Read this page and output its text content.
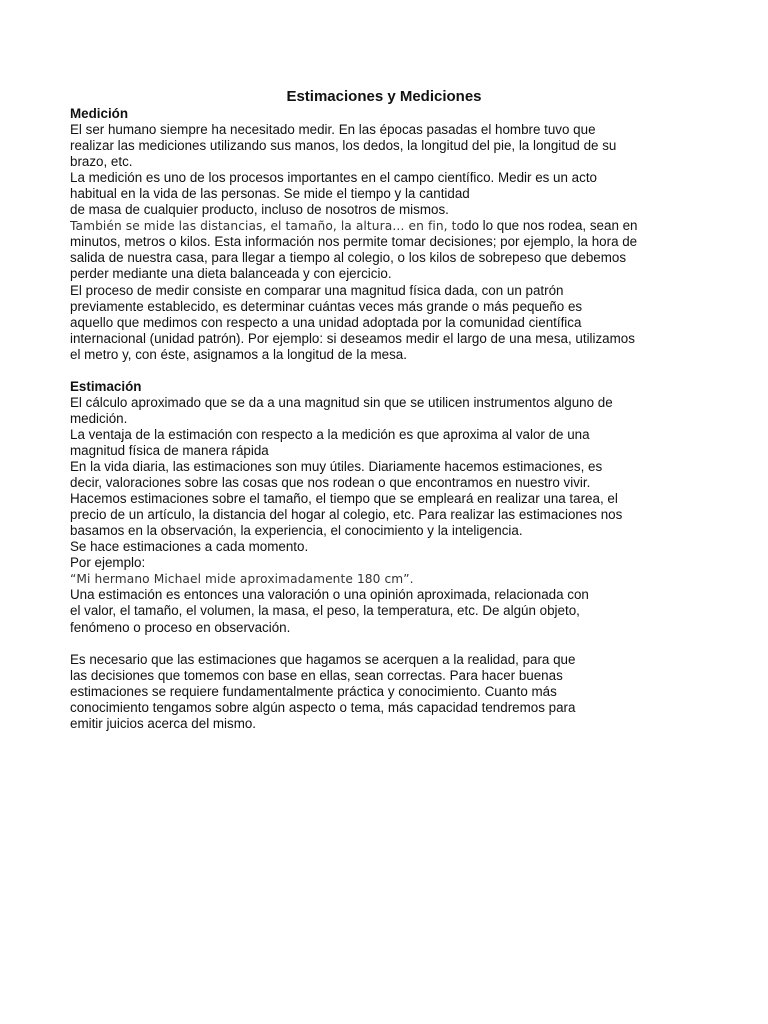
Estimaciones y Mediciones
Medición
El ser humano siempre ha necesitado medir. En las épocas pasadas el hombre tuvo que
realizar las mediciones utilizando sus manos, los dedos, la longitud del pie, la longitud de su
brazo, etc.
La medición es uno de los procesos importantes en el campo científico. Medir es un acto
habitual en la vida de las personas. Se mide el tiempo y la cantidad
de masa de cualquier producto, incluso de nosotros de mismos.
También se mide las distancias, el tamaño, la altura… en fin, todo lo que nos rodea, sean en
minutos, metros o kilos. Esta información nos permite tomar decisiones; por ejemplo, la hora de
salida de nuestra casa, para llegar a tiempo al colegio, o los kilos de sobrepeso que debemos
perder mediante una dieta balanceada y con ejercicio.
El proceso de medir consiste en comparar una magnitud física dada, con un patrón
previamente establecido, es determinar cuántas veces más grande o más pequeño es
aquello que medimos con respecto a una unidad adoptada por la comunidad científica
internacional (unidad patrón). Por ejemplo: si deseamos medir el largo de una mesa, utilizamos
el metro y, con éste, asignamos a la longitud de la mesa.
Estimación
El cálculo aproximado que se da a una magnitud sin que se utilicen instrumentos alguno de
medición.
La ventaja de la estimación con respecto a la medición es que aproxima al valor de una
magnitud física de manera rápida
En la vida diaria, las estimaciones son muy útiles. Diariamente hacemos estimaciones, es
decir, valoraciones sobre las cosas que nos rodean o que encontramos en nuestro vivir.
Hacemos estimaciones sobre el tamaño, el tiempo que se empleará en realizar una tarea, el
precio de un artículo, la distancia del hogar al colegio, etc. Para realizar las estimaciones nos
basamos en la observación, la experiencia, el conocimiento y la inteligencia.
Se hace estimaciones a cada momento.
Por ejemplo:
“Mi hermano Michael mide aproximadamente 180 cm”.
Una estimación es entonces una valoración o una opinión aproximada, relacionada con
el valor, el tamaño, el volumen, la masa, el peso, la temperatura, etc. De algún objeto,
fenómeno o proceso en observación.
Es necesario que las estimaciones que hagamos se acerquen a la realidad, para que
las decisiones que tomemos con base en ellas, sean correctas. Para hacer buenas
estimaciones se requiere fundamentalmente práctica y conocimiento. Cuanto más
conocimiento tengamos sobre algún aspecto o tema, más capacidad tendremos para
emitir juicios acerca del mismo.
